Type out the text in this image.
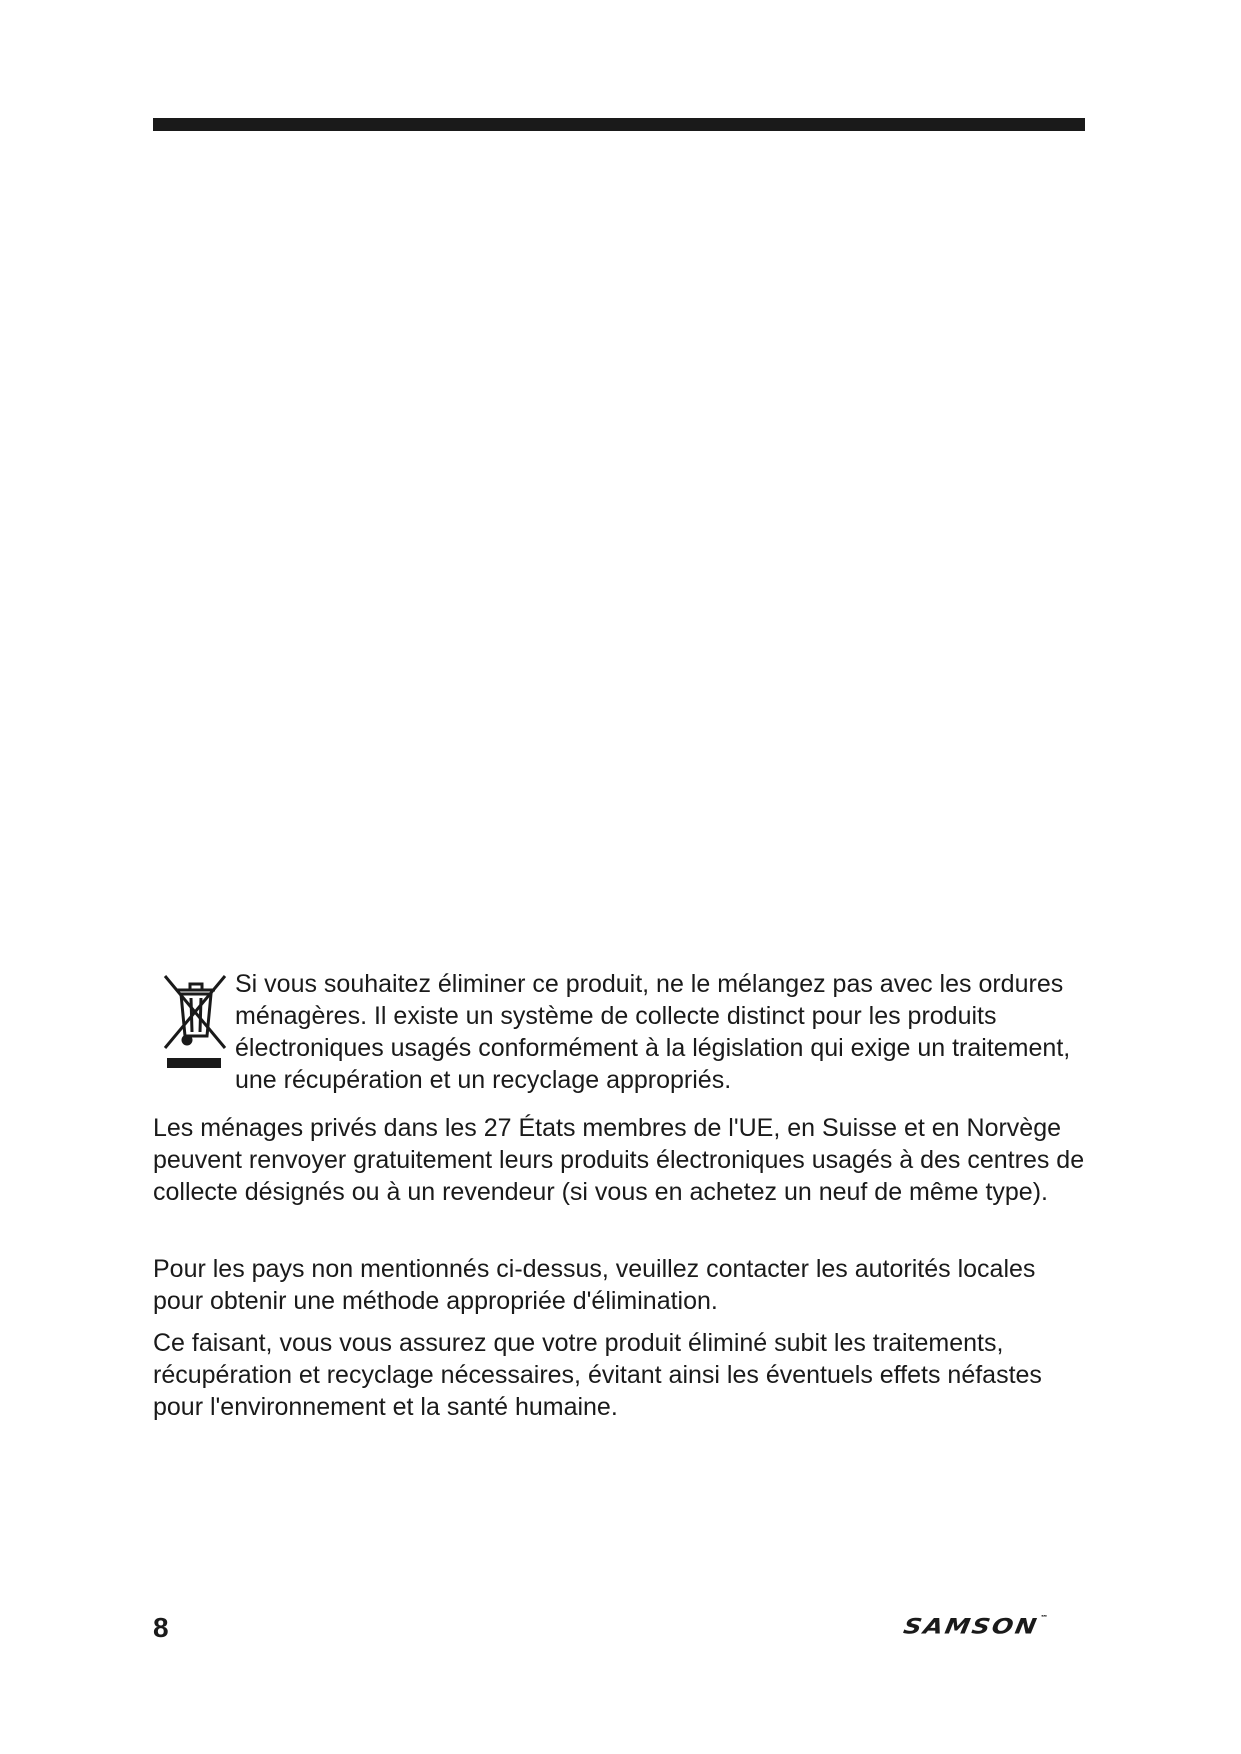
Si vous souhaitez éliminer ce produit, ne le mélangez pas avec les ordures ménagères. Il existe un système de collecte distinct pour les produits électroniques usagés conformément à la législation qui exige un traitement, une récupération et un recyclage appropriés.
Les ménages privés dans les 27 États membres de l'UE, en Suisse et en Norvège peuvent renvoyer gratuitement leurs produits électroniques usagés à des centres de collecte désignés ou à un revendeur (si vous en achetez un neuf de même type).
Pour les pays non mentionnés ci-dessus, veuillez contacter les autorités locales pour obtenir une méthode appropriée d'élimination.
Ce faisant, vous vous assurez que votre produit éliminé subit les traitements, récupération et recyclage nécessaires, évitant ainsi les éventuels effets néfastes pour l'environnement et la santé humaine.
8	SAMSON™
